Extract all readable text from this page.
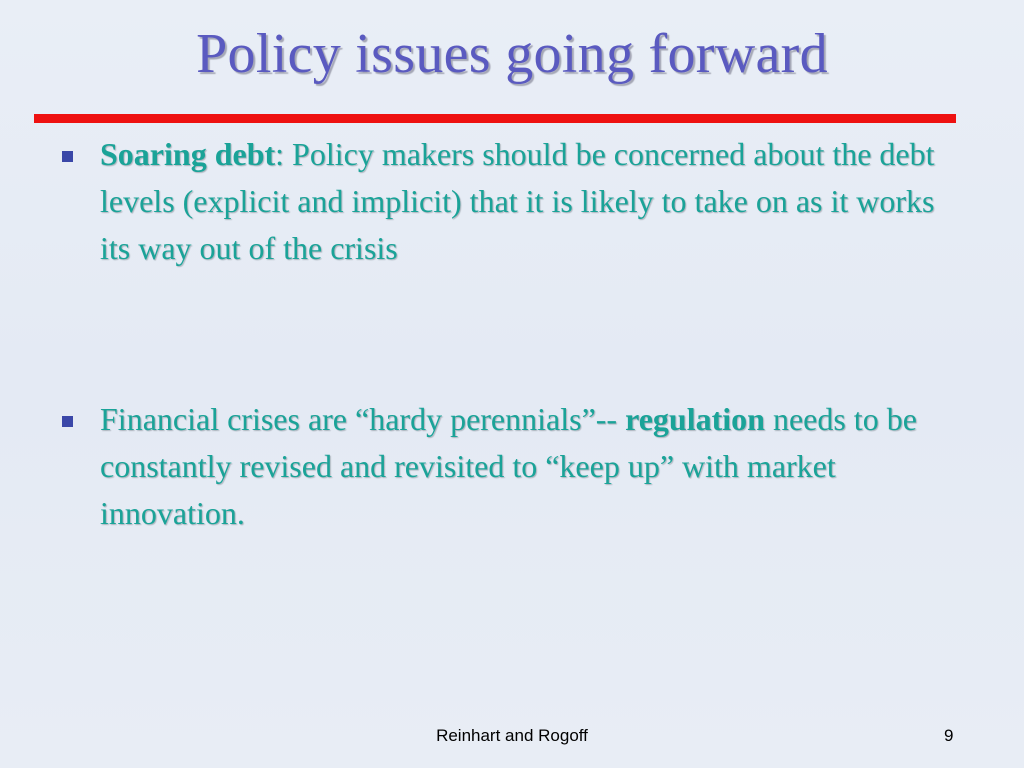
Policy issues going forward
Soaring debt: Policy makers should be concerned about the debt levels (explicit and implicit) that it is likely to take on as it works its way out of the crisis
Financial crises are “hardy perennials”-- regulation needs to be constantly revised and revisited to “keep up” with market innovation.
Reinhart and Rogoff	9
